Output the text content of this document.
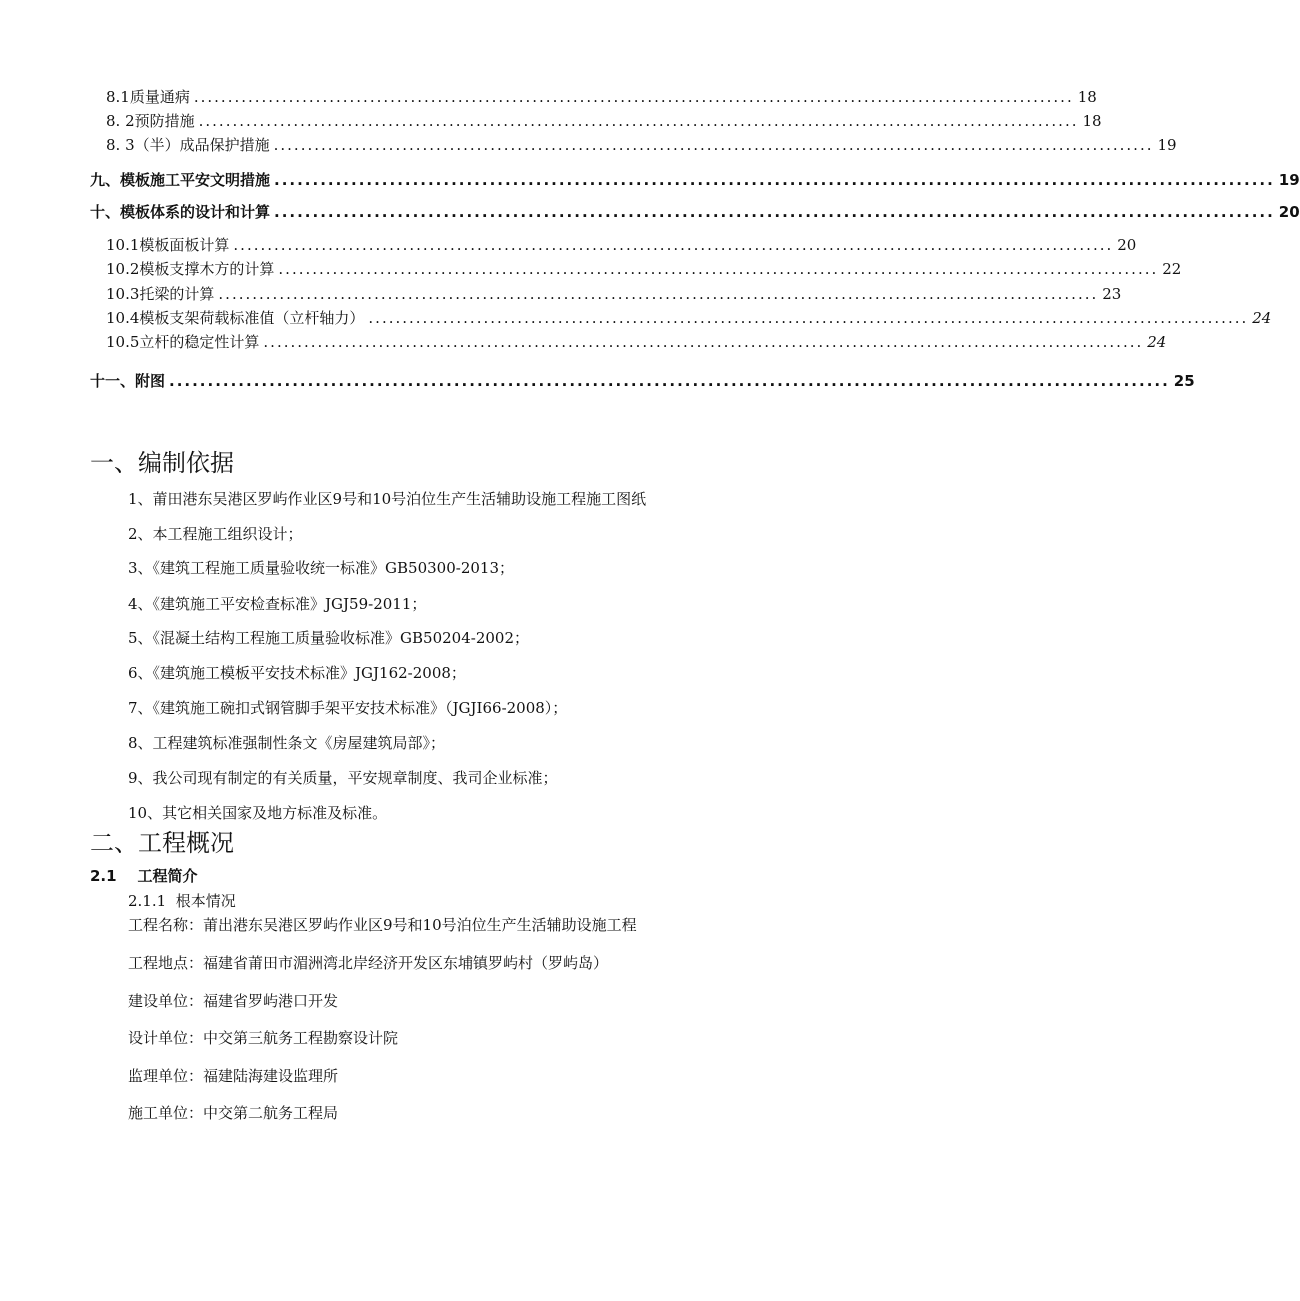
8.1质量通病 .................................................................................................................................. 18
8. 2预防措施 .................................................................................................................................. 18
8. 3（半）成品保护措施 .................................................................................................................................. 19
九、模板施工平安文明措施 .................................................................................................................................. 19
十、模板体系的设计和计算 .................................................................................................................................. 20
10.1模板面板计算 .................................................................................................................................. 20
10.2模板支撑木方的计算 .................................................................................................................................. 22
10.3托梁的计算 .................................................................................................................................. 23
10.4模板支架荷载标准值（立杆轴力） .................................................................................................................................. 24
10.5立杆的稳定性计算 .................................................................................................................................. 24
十一、附图 .................................................................................................................................. 25
一、编制依据
1、莆田港东吴港区罗屿作业区9号和10号泊位生产生活辅助设施工程施工图纸
2、本工程施工组织设计；
3、《建筑工程施工质量验收统一标准》GB50300-2013；
4、《建筑施工平安检查标准》JGJ59-2011；
5、《混凝土结构工程施工质量验收标准》GB50204-2002；
6、《建筑施工模板平安技术标准》JGJ162-2008；
7、《建筑施工碗扣式钢管脚手架平安技术标准》（JGJI66-2008）；
8、工程建筑标准强制性条文《房屋建筑局部》；
9、我公司现有制定的有关质量，平安规章制度、我司企业标准；
10、其它相关国家及地方标准及标准。
二、工程概况
2.1    工程简介
2.1.1  根本情况
工程名称：莆出港东吴港区罗屿作业区9号和10号泊位生产生活辅助设施工程
工程地点：福建省莆田市湄洲湾北岸经济开发区东埔镇罗屿村（罗屿岛）
建设单位：福建省罗屿港口开发
设计单位：中交第三航务工程勘察设计院
监理单位：福建陆海建设监理所
施工单位：中交第二航务工程局
